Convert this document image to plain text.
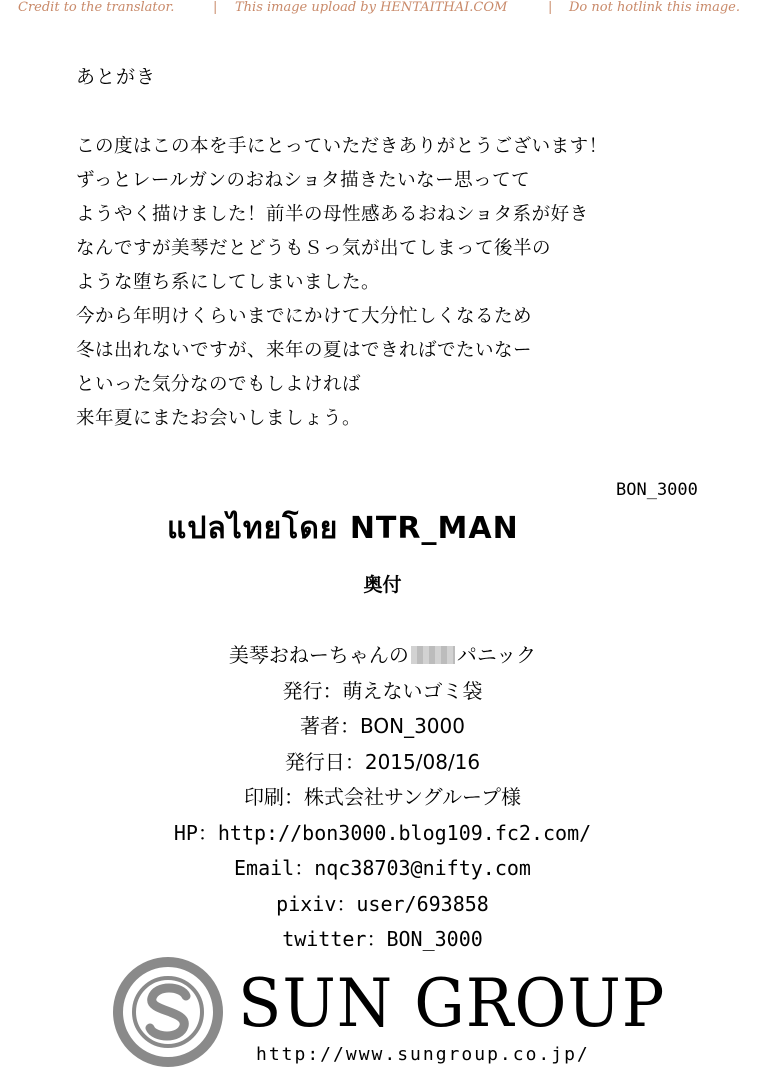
Credit to the translator.	| This image upload by HENTAITHAI.COM	| Do not hotlink this image.
あとがき
この度はこの本を手にとっていただきありがとうございます！
ずっとレールガンのおねショタ描きたいなー思ってて
ようやく描けました！前半の母性感あるおねショタ系が好き
なんですが美琴だとどうもＳっ気が出てしまって後半の
ような堕ち系にしてしまいました。
今から年明けくらいまでにかけて大分忙しくなるため
冬は出れないですが、来年の夏はできればでたいなー
といった気分なのでもしよければ
来年夏にまたお会いしましょう。
BON_3000
แปลไทยโดย NTR_MAN
奥付
美琴おねーちゃんの パニック
発行：萌えないゴミ袋
著者：BON_3000
発行日：2015/08/16
印刷：株式会社サングループ様
HP：http://bon3000.blog109.fc2.com/
Email：nqc38703@nifty.com
pixiv：user/693858
twitter：BON_3000
SUN GROUP
http://www.sungroup.co.jp/
